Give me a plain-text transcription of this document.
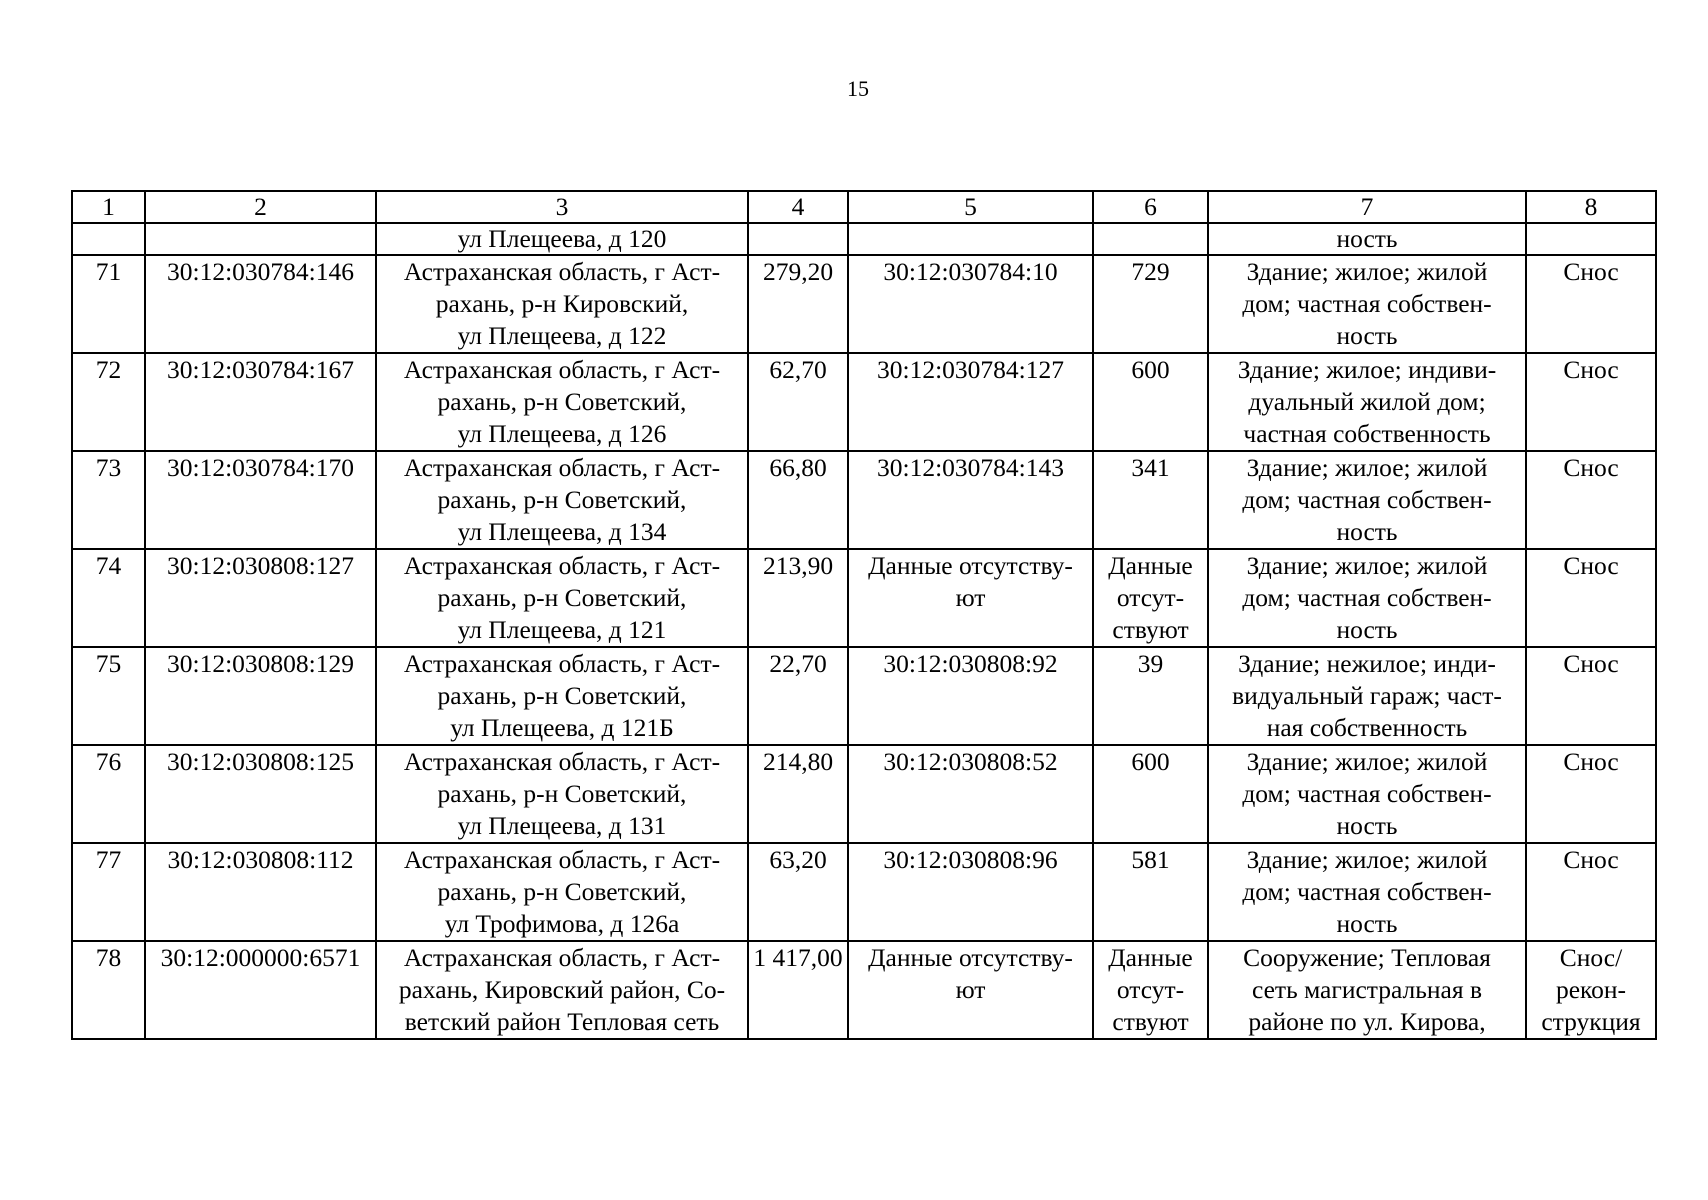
15
1	2	3	4	5	6	7	8
		ул Плещеева, д 120				ность	
71	30:12:030784:146	Астраханская область, г Аст-
рахань, р-н Кировский,
ул Плещеева, д 122	279,20	30:12:030784:10	729	Здание; жилое; жилой
дом; частная собствен-
ность	Снос
72	30:12:030784:167	Астраханская область, г Аст-
рахань, р-н Советский,
ул Плещеева, д 126	62,70	30:12:030784:127	600	Здание; жилое; индиви-
дуальный жилой дом;
частная собственность	Снос
73	30:12:030784:170	Астраханская область, г Аст-
рахань, р-н Советский,
ул Плещеева, д 134	66,80	30:12:030784:143	341	Здание; жилое; жилой
дом; частная собствен-
ность	Снос
74	30:12:030808:127	Астраханская область, г Аст-
рахань, р-н Советский,
ул Плещеева, д 121	213,90	Данные отсутству-
ют	Данные
отсут-
ствуют	Здание; жилое; жилой
дом; частная собствен-
ность	Снос
75	30:12:030808:129	Астраханская область, г Аст-
рахань, р-н Советский,
ул Плещеева, д 121Б	22,70	30:12:030808:92	39	Здание; нежилое; инди-
видуальный гараж; част-
ная собственность	Снос
76	30:12:030808:125	Астраханская область, г Аст-
рахань, р-н Советский,
ул Плещеева, д 131	214,80	30:12:030808:52	600	Здание; жилое; жилой
дом; частная собствен-
ность	Снос
77	30:12:030808:112	Астраханская область, г Аст-
рахань, р-н Советский,
ул Трофимова, д 126а	63,20	30:12:030808:96	581	Здание; жилое; жилой
дом; частная собствен-
ность	Снос
78	30:12:000000:6571	Астраханская область, г Аст-
рахань, Кировский район, Со-
ветский район Тепловая сеть	1 417,00	Данные отсутству-
ют	Данные
отсут-
ствуют	Сооружение; Тепловая
сеть магистральная в
районе по ул. Кирова,	Снос/
рекон-
струкция
